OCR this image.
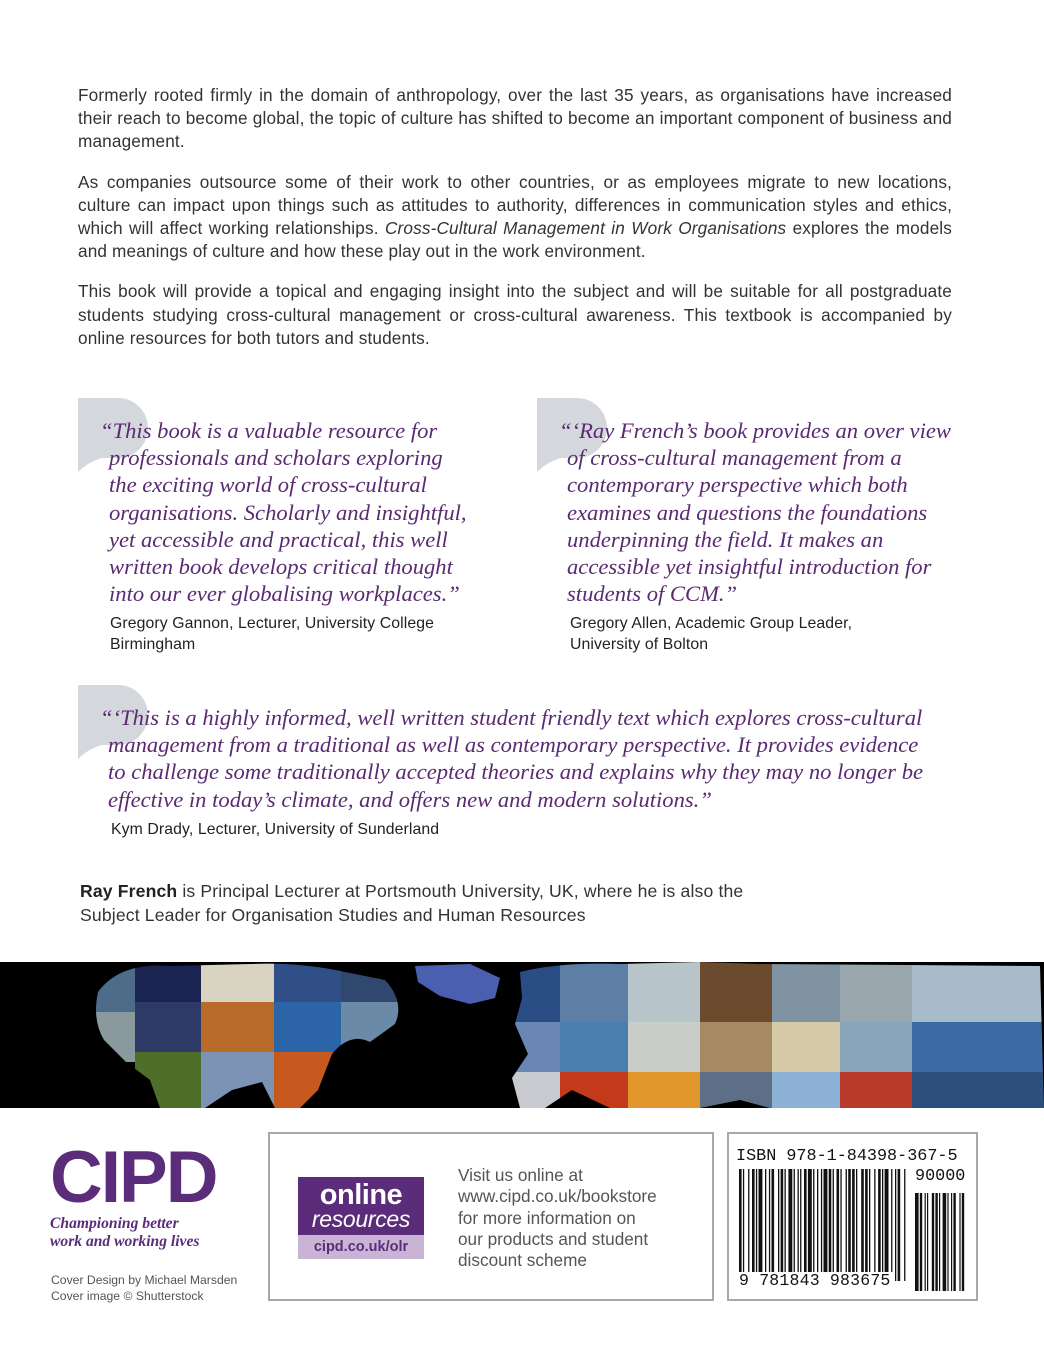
Formerly rooted firmly in the domain of anthropology, over the last 35 years, as organisations have increased their reach to become global, the topic of culture has shifted to become an important component of business and management.

As companies outsource some of their work to other countries, or as employees migrate to new locations, culture can impact upon things such as attitudes to authority, differences in communication styles and ethics, which will affect working relationships. Cross-Cultural Management in Work Organisations explores the models and meanings of culture and how these play out in the work environment.

This book will provide a topical and engaging insight into the subject and will be suitable for all postgraduate students studying cross-cultural management or cross-cultural awareness. This textbook is accompanied by online resources for both tutors and students.

“This book is a valuable resource for
professionals and scholars exploring
the exciting world of cross-cultural
organisations. Scholarly and insightful,
yet accessible and practical, this well
written book develops critical thought
into our ever globalising workplaces.”
Gregory Gannon, Lecturer, University College
Birmingham
“‘Ray French’s book provides an over view
of cross-cultural management from a
contemporary perspective which both
examines and questions the foundations
underpinning the field. It makes an
accessible yet insightful introduction for
students of CCM.”
Gregory Allen, Academic Group Leader,
University of Bolton
“‘This is a highly informed, well written student friendly text which explores cross-cultural
management from a traditional as well as contemporary perspective. It provides evidence
to challenge some traditionally accepted theories and explains why they may no longer be
effective in today’s climate, and offers new and modern solutions.”
Kym Drady, Lecturer, University of Sunderland
Ray French is Principal Lecturer at Portsmouth University, UK, where he is also the
Subject Leader for Organisation Studies and Human Resources
CIPD
Championing better
work and working lives
Cover Design by Michael Marsden
Cover image © Shutterstock
online
resources
cipd.co.uk/olr
Visit us online at
www.cipd.co.uk/bookstore
for more information on
our products and student
discount scheme
ISBN 978-1-84398-367-5
90000
9 781843 983675
